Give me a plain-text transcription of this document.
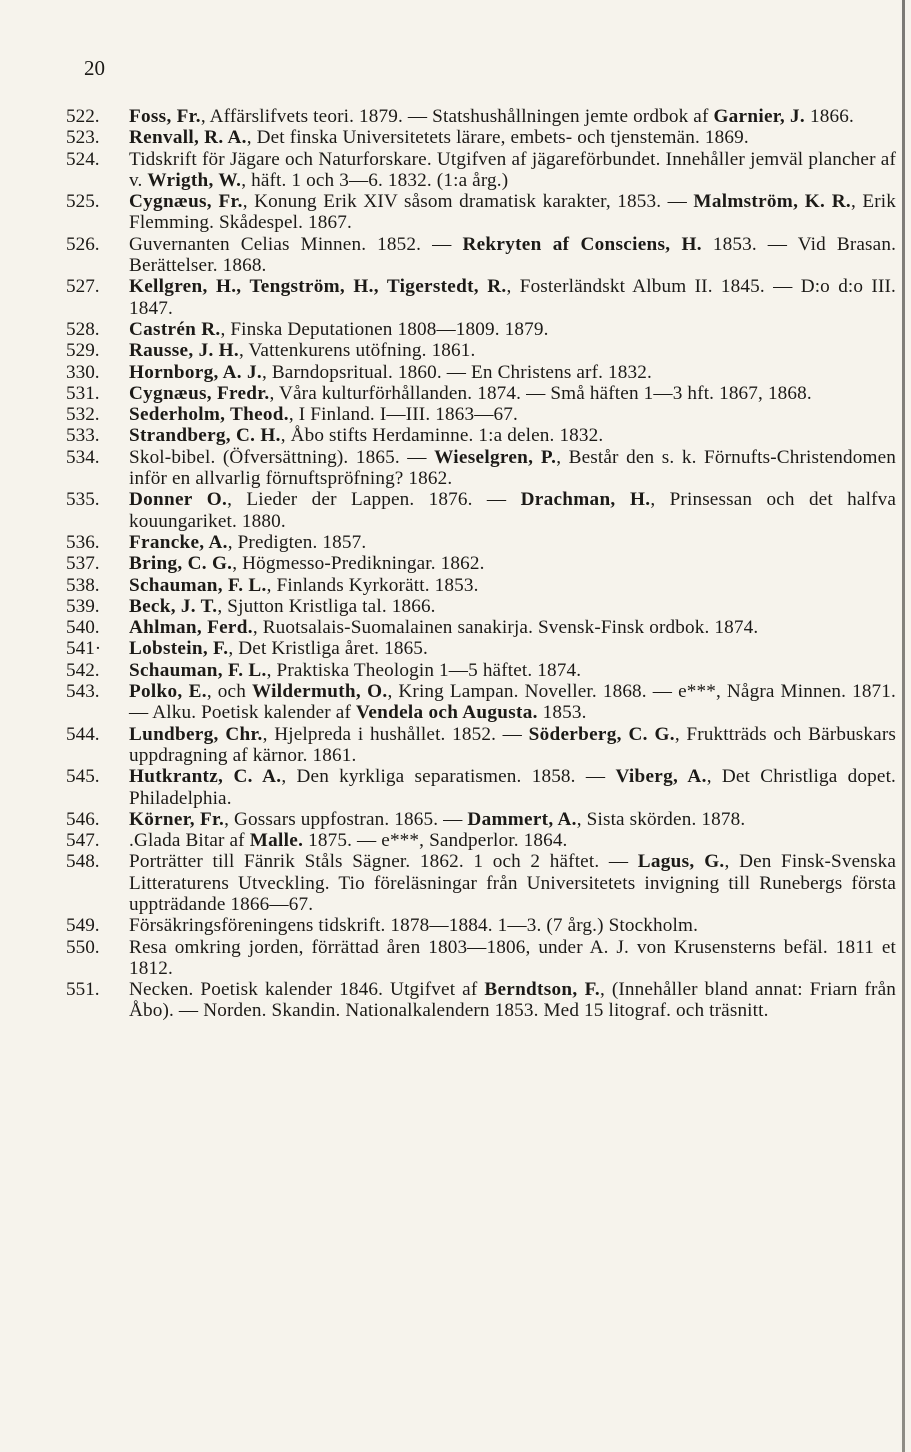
20
522.	Foss, Fr., Affärslifvets teori. 1879. — Statshushållningen jemte ordbok af Garnier, J. 1866.
523.	Renvall, R. A., Det finska Universitetets lärare, embets- och tjenstemän. 1869.
524.	Tidskrift för Jägare och Naturforskare. Utgifven af jägareförbundet. Innehåller jemväl plancher af v. Wrigth, W., häft. 1 och 3—6. 1832. (1:a årg.)
525.	Cygnæus, Fr., Konung Erik XIV såsom dramatisk karakter, 1853. — Malmström, K. R., Erik Flemming. Skådespel. 1867.
526.	Guvernanten Celias Minnen. 1852. — Rekryten af Consciens, H. 1853. — Vid Brasan. Berättelser. 1868.
527.	Kellgren, H., Tengström, H., Tigerstedt, R., Fosterländskt Album II. 1845. — D:o d:o III. 1847.
528.	Castrén R., Finska Deputationen 1808—1809. 1879.
529.	Rausse, J. H., Vattenkurens utöfning. 1861.
330.	Hornborg, A. J., Barndopsritual. 1860. — En Christens arf. 1832.
531.	Cygnæus, Fredr., Våra kulturförhållanden. 1874. — Små häften 1—3 hft. 1867, 1868.
532.	Sederholm, Theod., I Finland. I—III. 1863—67.
533.	Strandberg, C. H., Åbo stifts Herdaminne. 1:a delen. 1832.
534.	Skol-bibel. (Öfversättning). 1865. — Wieselgren, P., Består den s. k. Förnufts-Christendomen inför en allvarlig förnuftspröfning? 1862.
535.	Donner O., Lieder der Lappen. 1876. — Drachman, H., Prinsessan och det halfva kouungariket. 1880.
536.	Francke, A., Predigten. 1857.
537.	Bring, C. G., Högmesso-Predikningar. 1862.
538.	Schauman, F. L., Finlands Kyrkorätt. 1853.
539.	Beck, J. T., Sjutton Kristliga tal. 1866.
540.	Ahlman, Ferd., Ruotsalais-Suomalainen sanakirja. Svensk-Finsk ordbok. 1874.
541·	Lobstein, F., Det Kristliga året. 1865.
542.	Schauman, F. L., Praktiska Theologin 1—5 häftet. 1874.
543.	Polko, E., och Wildermuth, O., Kring Lampan. Noveller. 1868. — e***, Några Minnen. 1871. — Alku. Poetisk kalender af Vendela och Augusta. 1853.
544.	Lundberg, Chr., Hjelpreda i hushållet. 1852. — Söderberg, C. G., Fruktträds och Bärbuskars uppdragning af kärnor. 1861.
545.	Hutkrantz, C. A., Den kyrkliga separatismen. 1858. — Viberg, A., Det Christliga dopet. Philadelphia.
546.	Körner, Fr., Gossars uppfostran. 1865. — Dammert, A., Sista skörden. 1878.
547.	.Glada Bitar af Malle. 1875. — e***, Sandperlor. 1864.
548.	Porträtter till Fänrik Ståls Sägner. 1862. 1 och 2 häftet. — Lagus, G., Den Finsk-Svenska Litteraturens Utveckling. Tio föreläsningar från Universitetets invigning till Runebergs första uppträdande 1866—67.
549.	Försäkringsföreningens tidskrift. 1878—1884. 1—3. (7 årg.) Stockholm.
550.	Resa omkring jorden, förrättad åren 1803—1806, under A. J. von Krusensterns befäl. 1811 et 1812.
551.	Necken. Poetisk kalender 1846. Utgifvet af Berndtson, F., (Innehåller bland annat: Friarn från Åbo). — Norden. Skandin. Nationalkalendern 1853. Med 15 litograf. och träsnitt.
